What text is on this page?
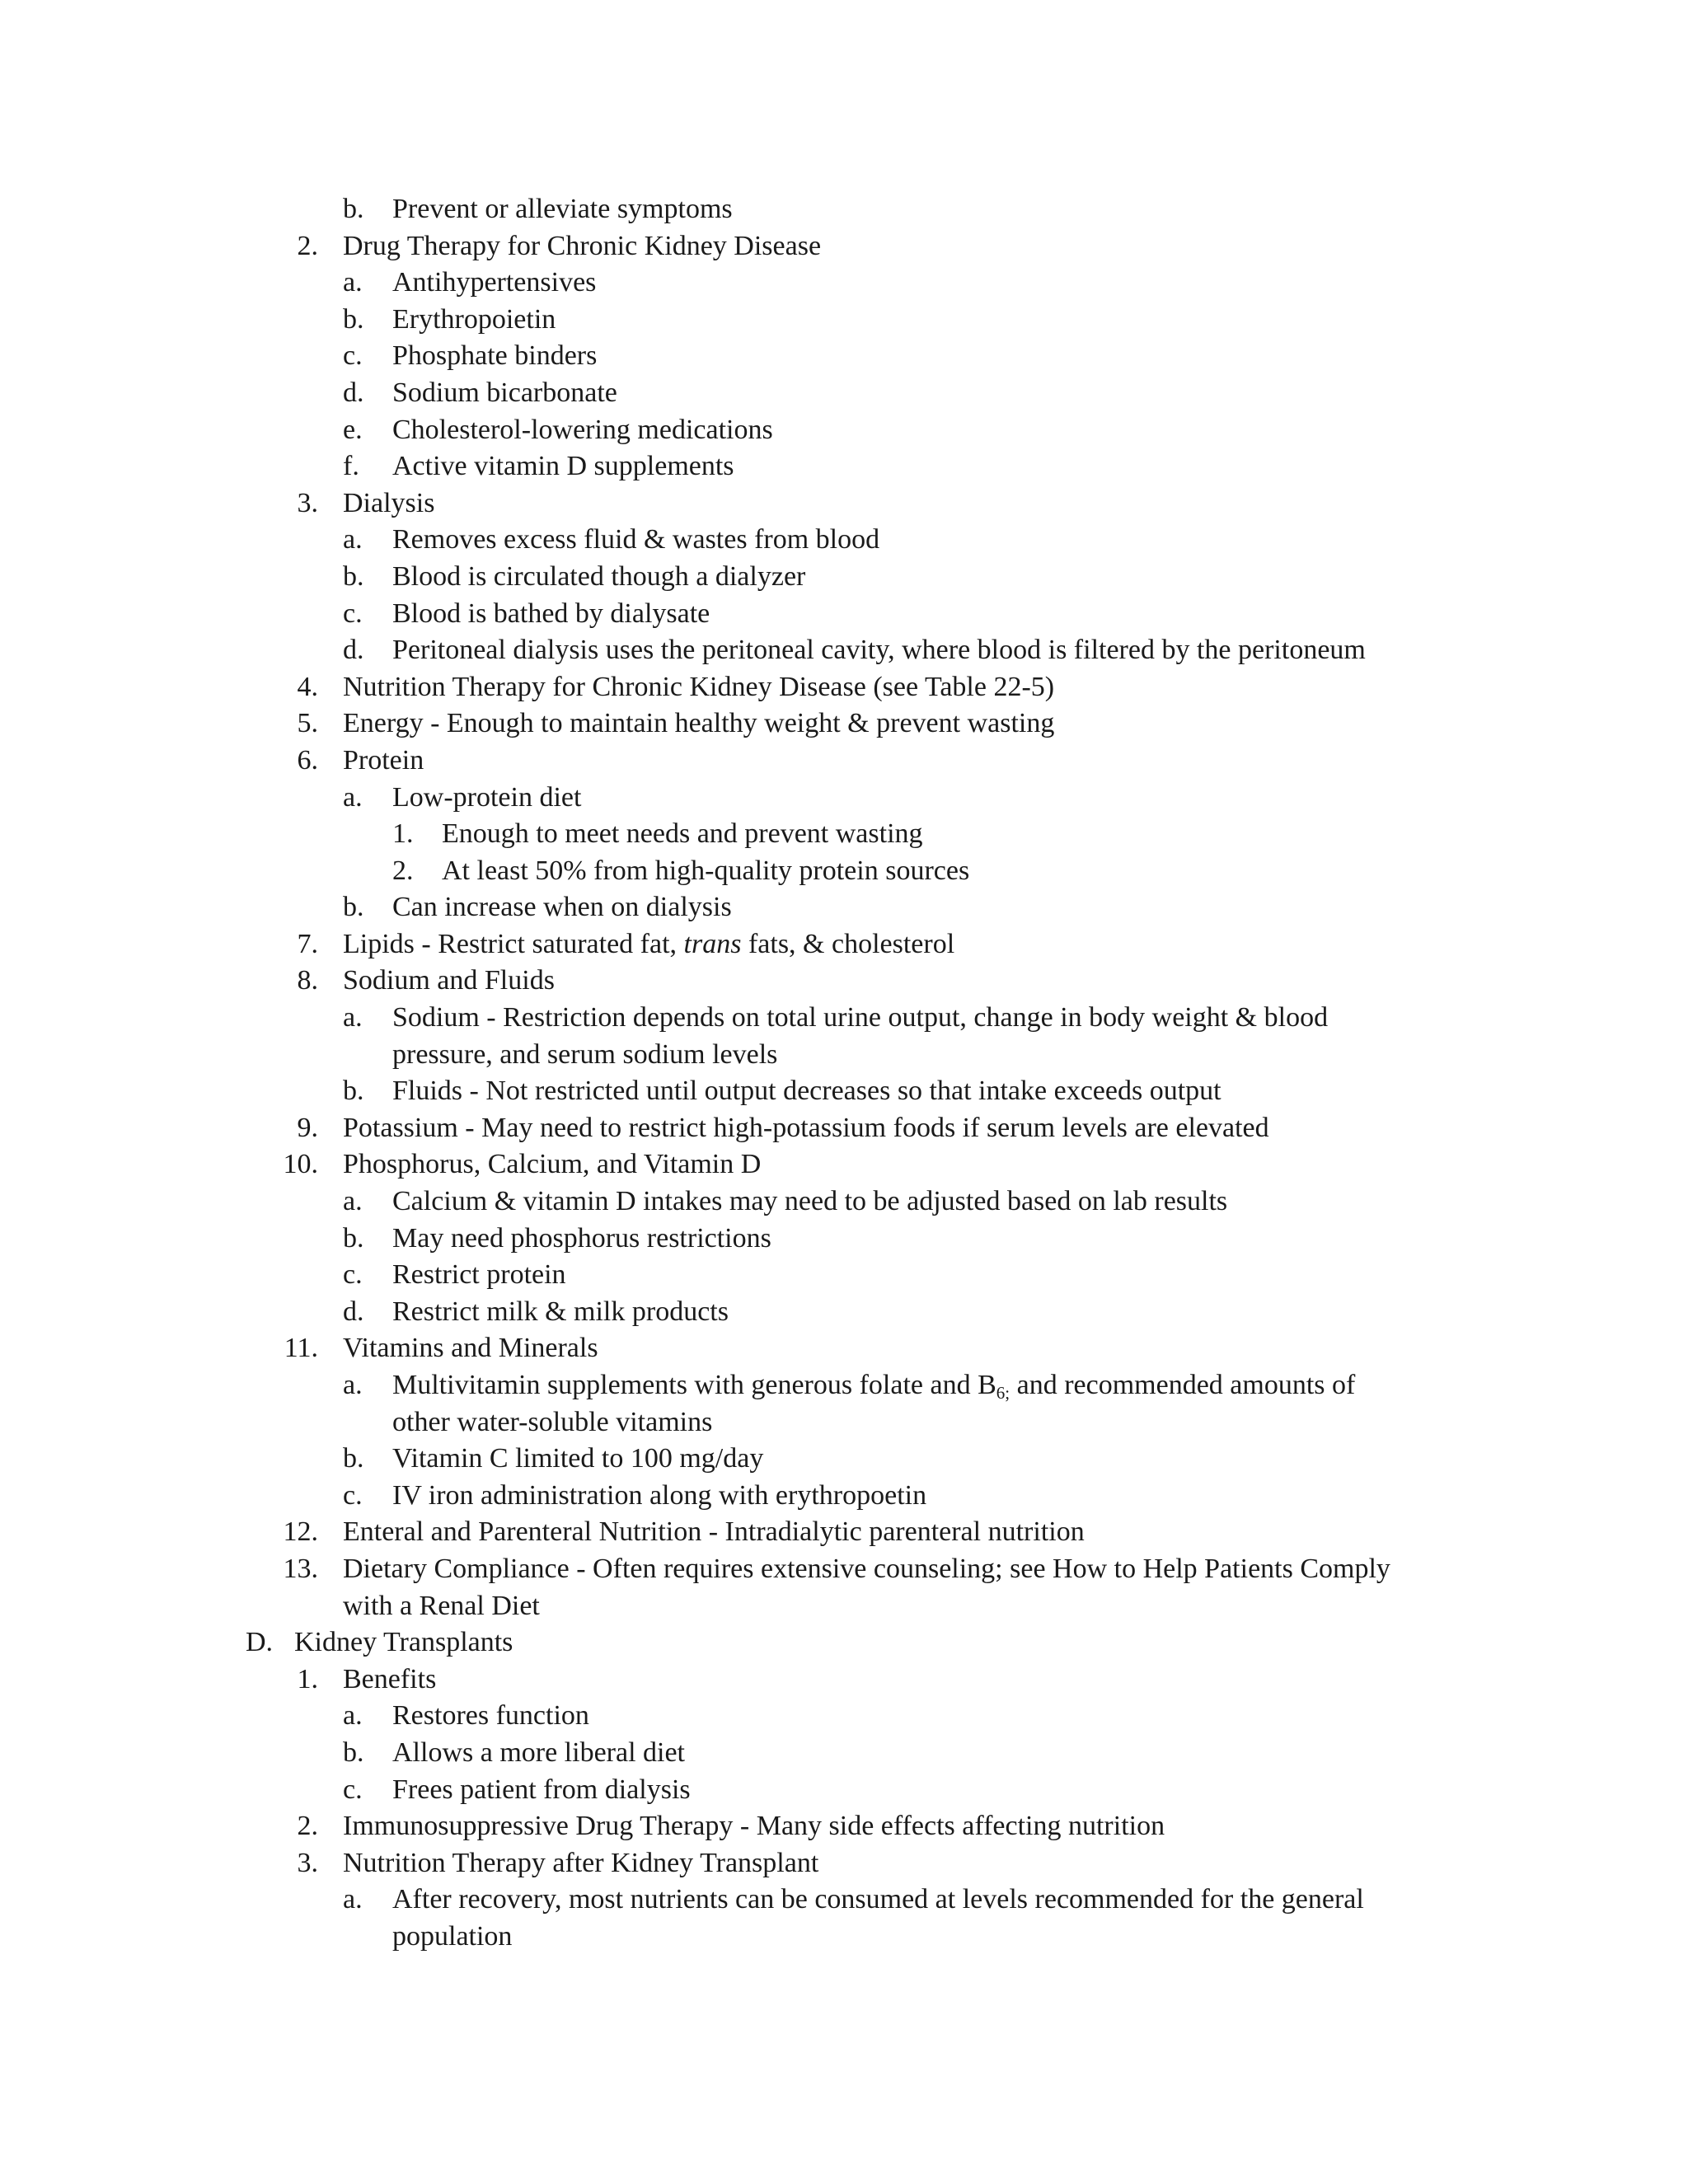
b. Prevent or alleviate symptoms
2. Drug Therapy for Chronic Kidney Disease
a. Antihypertensives
b. Erythropoietin
c. Phosphate binders
d. Sodium bicarbonate
e. Cholesterol-lowering medications
f. Active vitamin D supplements
3. Dialysis
a. Removes excess fluid & wastes from blood
b. Blood is circulated though a dialyzer
c. Blood is bathed by dialysate
d. Peritoneal dialysis uses the peritoneal cavity, where blood is filtered by the peritoneum
4. Nutrition Therapy for Chronic Kidney Disease (see Table 22-5)
5. Energy - Enough to maintain healthy weight & prevent wasting
6. Protein
a. Low-protein diet
1. Enough to meet needs and prevent wasting
2. At least 50% from high-quality protein sources
b. Can increase when on dialysis
7. Lipids - Restrict saturated fat, trans fats, & cholesterol
8. Sodium and Fluids
a. Sodium - Restriction depends on total urine output, change in body weight & blood
pressure, and serum sodium levels
b. Fluids - Not restricted until output decreases so that intake exceeds output
9. Potassium - May need to restrict high-potassium foods if serum levels are elevated
10. Phosphorus, Calcium, and Vitamin D
a. Calcium & vitamin D intakes may need to be adjusted based on lab results
b. May need phosphorus restrictions
c. Restrict protein
d. Restrict milk & milk products
11. Vitamins and Minerals
a. Multivitamin supplements with generous folate and B6; and recommended amounts of
other water-soluble vitamins
b. Vitamin C limited to 100 mg/day
c. IV iron administration along with erythropoetin
12. Enteral and Parenteral Nutrition - Intradialytic parenteral nutrition
13. Dietary Compliance - Often requires extensive counseling; see How to Help Patients Comply
with a Renal Diet
D. Kidney Transplants
1. Benefits
a. Restores function
b. Allows a more liberal diet
c. Frees patient from dialysis
2. Immunosuppressive Drug Therapy - Many side effects affecting nutrition
3. Nutrition Therapy after Kidney Transplant
a. After recovery, most nutrients can be consumed at levels recommended for the general
population
